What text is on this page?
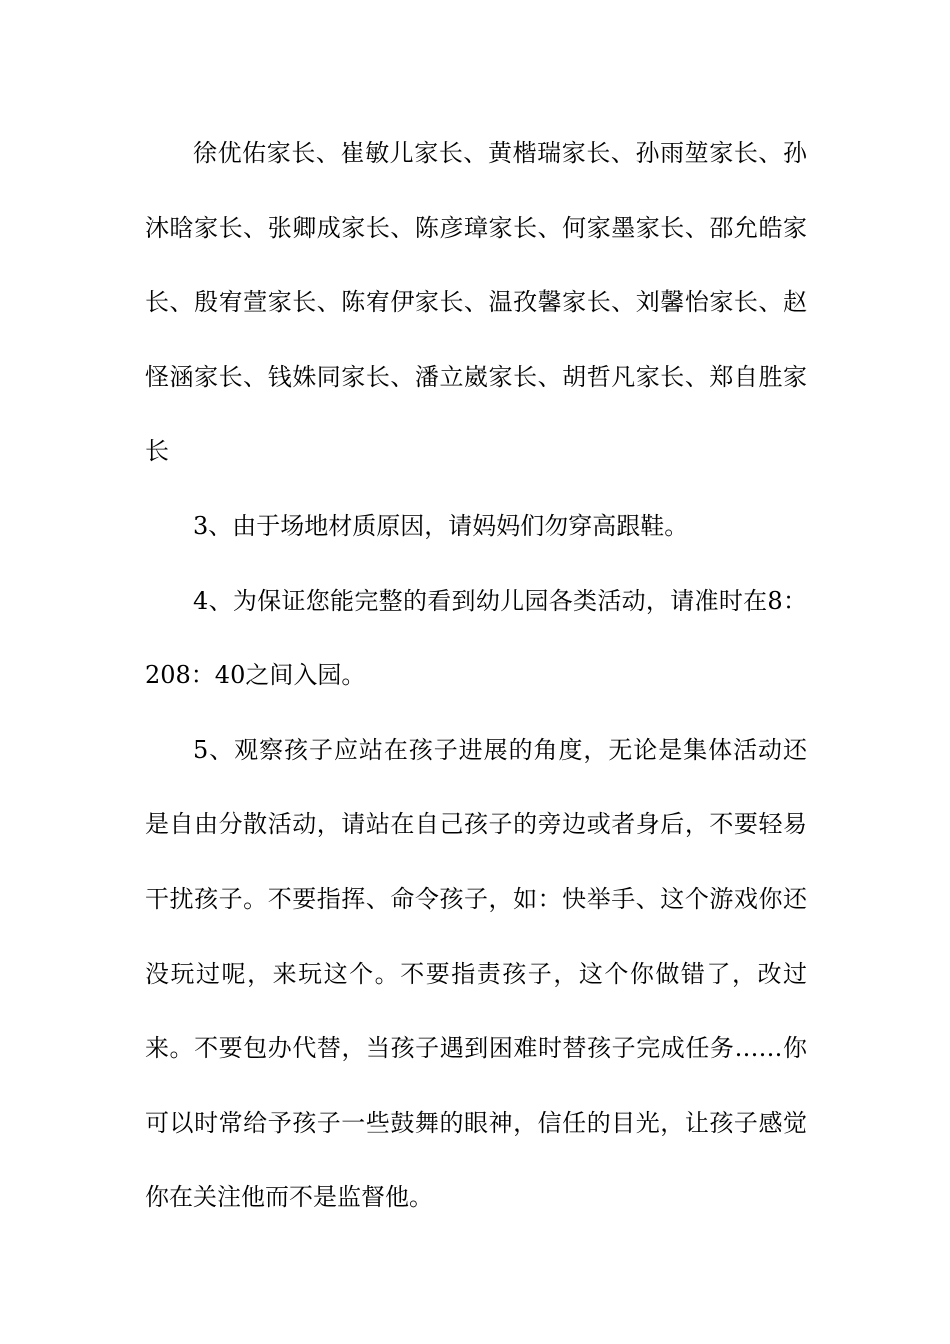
徐优佑家长、崔敏儿家长、黄楷瑞家长、孙雨堃家长、孙沐晗家长、张卿成家长、陈彦璋家长、何家墨家长、邵允皓家长、殷宥萱家长、陈宥伊家长、温孜馨家长、刘馨怡家长、赵怪涵家长、钱姝同家长、潘立崴家长、胡哲凡家长、郑自胜家长

3、由于场地材质原因，请妈妈们勿穿高跟鞋。

4、为保证您能完整的看到幼儿园各类活动，请准时在8：208：40之间入园。

5、观察孩子应站在孩子进展的角度，无论是集体活动还是自由分散活动，请站在自己孩子的旁边或者身后，不要轻易干扰孩子。不要指挥、命令孩子，如：快举手、这个游戏你还没玩过呢，来玩这个。不要指责孩子，这个你做错了，改过来。不要包办代替，当孩子遇到困难时替孩子完成任务……你可以时常给予孩子一些鼓舞的眼神，信任的目光，让孩子感觉你在关注他而不是监督他。
